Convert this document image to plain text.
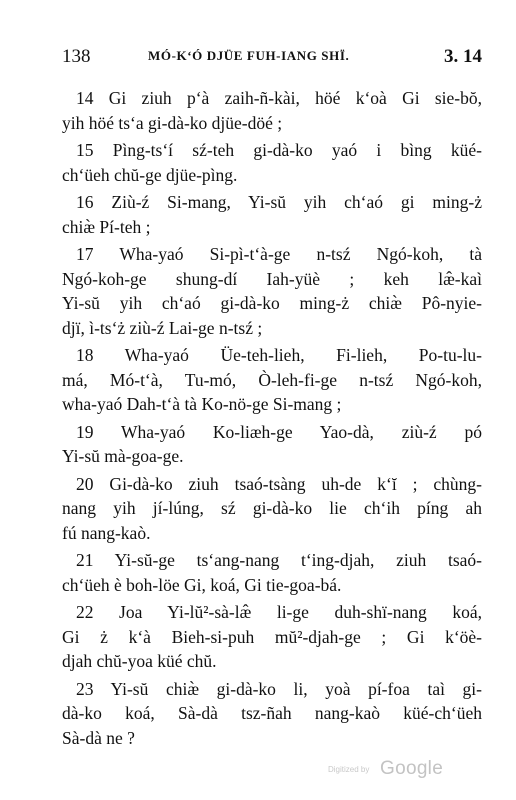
138	MÓ-K‘Ó DJÜE FUH-IANG SHÏ.	3. 14
14 Gi ziuh p‘à zaih-ñ-kài, höé k‘oà Gi sie-bŏ,
yih höé ts‘a gi-dà-ko djüe-döé ;
15 Pìng-ts‘í sź-teh gi-dà-ko yaó i bìng küé-
ch‘üeh chŭ-ge djüe-pìng.
16 Ziù-ź Si-mang, Yi-sŭ yih ch‘aó gi ming-ż
chiæ̀ Pí-teh ;
17 Wha-yaó Si-pì-t‘à-ge n-tsź Ngó-koh, tà
Ngó-koh-ge shung-dí Iah-yüè ; keh læ̂-kaì
Yi-sŭ yih ch‘aó gi-dà-ko ming-ż chiæ̀ Pô-nyie-
djï, ì-ts‘ż ziù-ź Lai-ge n-tsź ;
18 Wha-yaó Üe-teh-lieh, Fi-lieh, Po-tu-lu-
má, Mó-t‘à, Tu-mó, Ò-leh-fi-ge n-tsź Ngó-koh,
wha-yaó Dah-t‘à tà Ko-nö-ge Si-mang ;
19 Wha-yaó Ko-liæh-ge Yao-dà, ziù-ź pó
Yi-sŭ mà-goa-ge.
20 Gi-dà-ko ziuh tsaó-tsàng uh-de k‘ĭ ; chùng-
nang yih jí-lúng, sź gi-dà-ko lie ch‘ih píng ah
fú nang-kaò.
21 Yi-sŭ-ge ts‘ang-nang t‘ing-djah, ziuh tsaó-
ch‘üeh è boh-löe Gi, koá, Gi tie-goa-bá.
22 Joa Yi-lŭ²-sà-læ̂ li-ge duh-shï-nang koá,
Gi ż k‘à Bieh-si-puh mŭ²-djah-ge ; Gi k‘öè-
djah chŭ-yoa küé chŭ.
23 Yi-sŭ chiæ̀ gi-dà-ko li, yoà pí-foa taì gi-
dà-ko koá, Sà-dà tsz-ñah nang-kaò küé-ch‘üeh
Sà-dà ne ?
Digitized by Google
